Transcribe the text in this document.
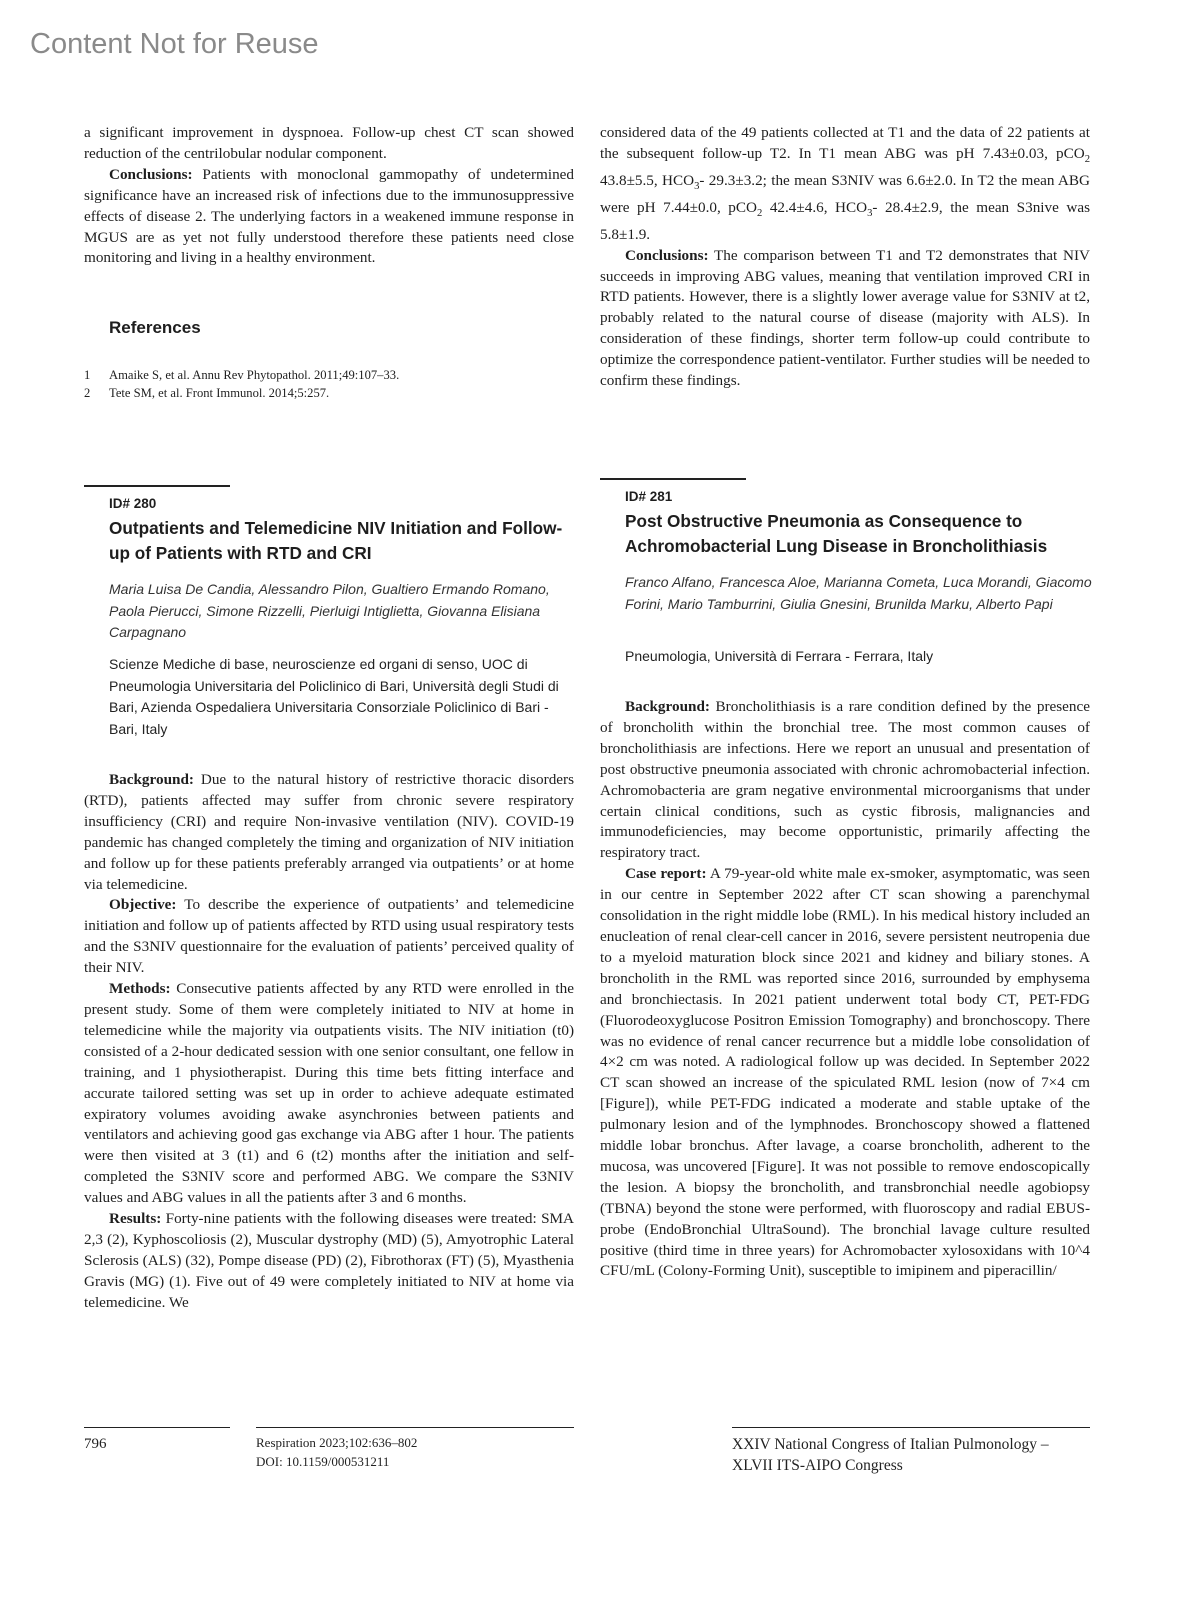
Content Not for Reuse

a significant improvement in dyspnoea. Follow-up chest CT scan showed reduction of the centrilobular nodular component.

Conclusions: Patients with monoclonal gammopathy of undetermined significance have an increased risk of infections due to the immunosuppressive effects of disease 2. The underlying factors in a weakened immune response in MGUS are as yet not fully understood therefore these patients need close monitoring and living in a healthy environment.

References
1	Amaike S, et al. Annu Rev Phytopathol. 2011;49:107–33.
2	Tete SM, et al. Front Immunol. 2014;5:257.

considered data of the 49 patients collected at T1 and the data of 22 patients at the subsequent follow-up T2. In T1 mean ABG was pH 7.43±0.03, pCO$_2$ 43.8±5.5, $HCO_3-$ 29.3±3.2; the mean S3NIV was 6.6±2.0. In T2 the mean ABG were pH 7.44±0.0, pCO$_2$ 42.4±4.6, $HCO_3-$ 28.4±2.9, the mean S3nive was 5.8±1.9.

Conclusions: The comparison between T1 and T2 demonstrates that NIV succeeds in improving ABG values, meaning that ventilation improved CRI in RTD patients. However, there is a slightly lower average value for S3NIV at t2, probably related to the natural course of disease (majority with ALS). In consideration of these findings, shorter term follow-up could contribute to optimize the correspondence patient-ventilator. Further studies will be needed to confirm these findings.

ID# 280
Outpatients and Telemedicine NIV Initiation and Follow-up of Patients with RTD and CRI
Maria Luisa De Candia, Alessandro Pilon, Gualtiero Ermando Romano, Paola Pierucci, Simone Rizzelli, Pierluigi Intiglietta, Giovanna Elisiana Carpagnano
Scienze Mediche di base, neuroscienze ed organi di senso, UOC di Pneumologia Universitaria del Policlinico di Bari, Università degli Studi di Bari, Azienda Ospedaliera Universitaria Consorziale Policlinico di Bari - Bari, Italy

Background: Due to the natural history of restrictive thoracic disorders (RTD), patients affected may suffer from chronic severe respiratory insufficiency (CRI) and require Non-invasive ventilation (NIV). COVID-19 pandemic has changed completely the timing and organization of NIV initiation and follow up for these patients preferably arranged via outpatients’ or at home via telemedicine.

Objective: To describe the experience of outpatients’ and telemedicine initiation and follow up of patients affected by RTD using usual respiratory tests and the S3NIV questionnaire for the evaluation of patients’ perceived quality of their NIV.

Methods: Consecutive patients affected by any RTD were enrolled in the present study. Some of them were completely initiated to NIV at home in telemedicine while the majority via outpatients visits. The NIV initiation (t0) consisted of a 2-hour dedicated session with one senior consultant, one fellow in training, and 1 physiotherapist. During this time bets fitting interface and accurate tailored setting was set up in order to achieve adequate estimated expiratory volumes avoiding awake asynchronies between patients and ventilators and achieving good gas exchange via ABG after 1 hour. The patients were then visited at 3 (t1) and 6 (t2) months after the initiation and self-completed the S3NIV score and performed ABG. We compare the S3NIV values and ABG values in all the patients after 3 and 6 months.

Results: Forty-nine patients with the following diseases were treated: SMA 2,3 (2), Kyphoscoliosis (2), Muscular dystrophy (MD) (5), Amyotrophic Lateral Sclerosis (ALS) (32), Pompe disease (PD) (2), Fibrothorax (FT) (5), Myasthenia Gravis (MG) (1). Five out of 49 were completely initiated to NIV at home via telemedicine. We

ID# 281
Post Obstructive Pneumonia as Consequence to Achromobacterial Lung Disease in Broncholithiasis
Franco Alfano, Francesca Aloe, Marianna Cometa, Luca Morandi, Giacomo Forini, Mario Tamburrini, Giulia Gnesini, Brunilda Marku, Alberto Papi
Pneumologia, Università di Ferrara - Ferrara, Italy

Background: Broncholithiasis is a rare condition defined by the presence of broncholith within the bronchial tree. The most common causes of broncholithiasis are infections. Here we report an unusual and presentation of post obstructive pneumonia associated with chronic achromobacterial infection. Achromobacteria are gram negative environmental microorganisms that under certain clinical conditions, such as cystic fibrosis, malignancies and immunodeficiencies, may become opportunistic, primarily affecting the respiratory tract.

Case report: A 79-year-old white male ex-smoker, asymptomatic, was seen in our centre in September 2022 after CT scan showing a parenchymal consolidation in the right middle lobe (RML). In his medical history included an enucleation of renal clear-cell cancer in 2016, severe persistent neutropenia due to a myeloid maturation block since 2021 and kidney and biliary stones. A broncholith in the RML was reported since 2016, surrounded by emphysema and bronchiectasis. In 2021 patient underwent total body CT, PET-FDG (Fluorodeoxyglucose Positron Emission Tomography) and bronchoscopy. There was no evidence of renal cancer recurrence but a middle lobe consolidation of 4×2 cm was noted. A radiological follow up was decided. In September 2022 CT scan showed an increase of the spiculated RML lesion (now of 7×4 cm [Figure]), while PET-FDG indicated a moderate and stable uptake of the pulmonary lesion and of the lymphnodes. Bronchoscopy showed a flattened middle lobar bronchus. After lavage, a coarse broncholith, adherent to the mucosa, was uncovered [Figure]. It was not possible to remove endoscopically the lesion. A biopsy the broncholith, and transbronchial needle agobiopsy (TBNA) beyond the stone were performed, with fluoroscopy and radial EBUS-probe (EndoBronchial UltraSound). The bronchial lavage culture resulted positive (third time in three years) for Achromobacter xylosoxidans with 10^4 CFU/mL (Colony-Forming Unit), susceptible to imipinem and piperacillin/

796	Respiration 2023;102:636–802
DOI: 10.1159/000531211
XXIV National Congress of Italian Pulmonology –
XLVII ITS-AIPO Congress
